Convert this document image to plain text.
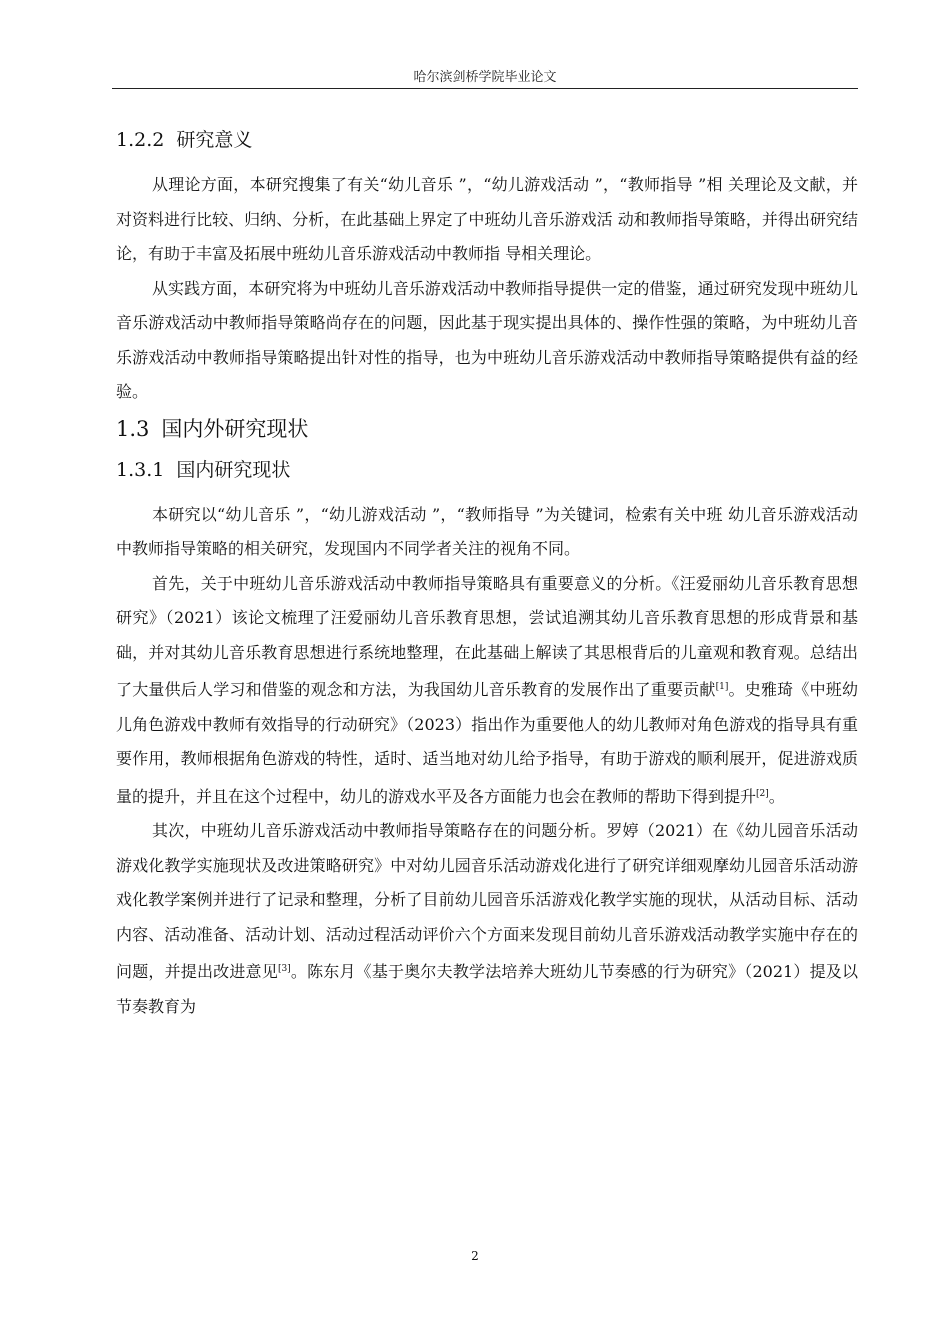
哈尔滨剑桥学院毕业论文
1.2.2 研究意义

从理论方面，本研究搜集了有关“幼儿音乐 ”，“幼儿游戏活动 ”，“教师指导 ”相 关理论及文献，并对资料进行比较、归纳、分析，在此基础上界定了中班幼儿音乐游戏活 动和教师指导策略，并得出研究结论，有助于丰富及拓展中班幼儿音乐游戏活动中教师指 导相关理论。

从实践方面，本研究将为中班幼儿音乐游戏活动中教师指导提供一定的借鉴，通过研究发现中班幼儿音乐游戏活动中教师指导策略尚存在的问题，因此基于现实提出具体的、操作性强的策略，为中班幼儿音乐游戏活动中教师指导策略提出针对性的指导，也为中班幼儿音乐游戏活动中教师指导策略提供有益的经验。

1.3 国内外研究现状
1.3.1 国内研究现状

本研究以“幼儿音乐 ”，“幼儿游戏活动 ”，“教师指导 ”为关键词，检索有关中班 幼儿音乐游戏活动中教师指导策略的相关研究，发现国内不同学者关注的视角不同。

首先，关于中班幼儿音乐游戏活动中教师指导策略具有重要意义的分析。《汪爱丽幼儿音乐教育思想研究》（2021）该论文梳理了汪爱丽幼儿音乐教育思想，尝试追溯其幼儿音乐教育思想的形成背景和基础，并对其幼儿音乐教育思想进行系统地整理，在此基础上解读了其思根背后的儿童观和教育观。总结出了大量供后人学习和借鉴的观念和方法，为我国幼儿音乐教育的发展作出了重要贡献[1]。史雅琦《中班幼儿角色游戏中教师有效指导的行动研究》（2023）指出作为重要他人的幼儿教师对角色游戏的指导具有重要作用，教师根据角色游戏的特性，适时、适当地对幼儿给予指导，有助于游戏的顺利展开，促进游戏质量的提升，并且在这个过程中，幼儿的游戏水平及各方面能力也会在教师的帮助下得到提升[2]。

其次，中班幼儿音乐游戏活动中教师指导策略存在的问题分析。罗婷（2021）在《幼儿园音乐活动游戏化教学实施现状及改进策略研究》中对幼儿园音乐活动游戏化进行了研究详细观摩幼儿园音乐活动游戏化教学案例并进行了记录和整理，分析了目前幼儿园音乐活游戏化教学实施的现状，从活动目标、活动内容、活动准备、活动计划、活动过程活动评价六个方面来发现目前幼儿音乐游戏活动教学实施中存在的问题，并提出改进意见[3]。陈东月《基于奥尔夫教学法培养大班幼儿节奏感的行为研究》（2021）提及以节奏教育为

2
